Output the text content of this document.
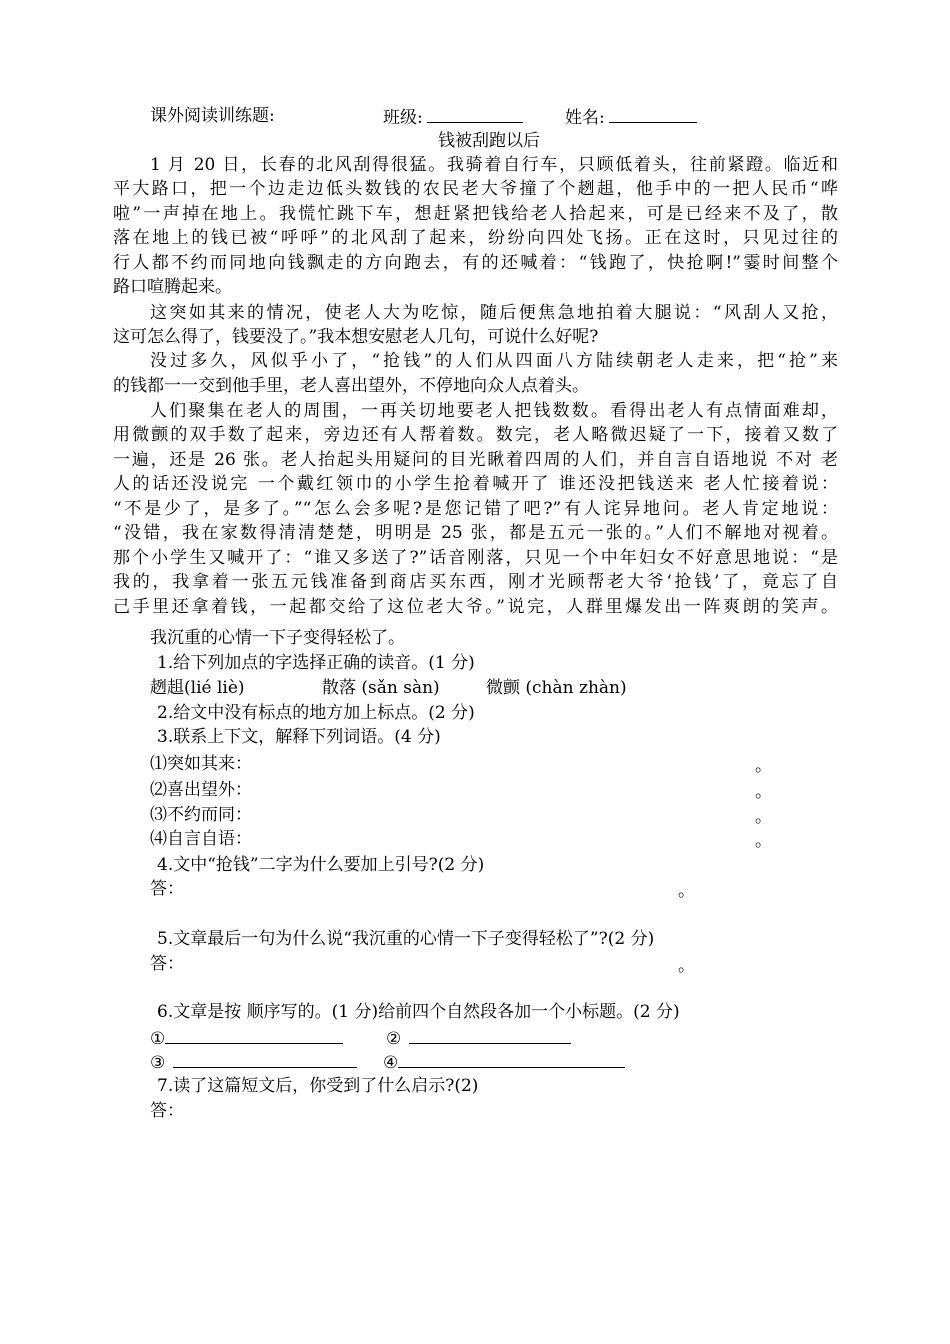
课外阅读训练题:	班级:	姓名:
钱被刮跑以后
1 月 20 日，长春的北风刮得很猛。我骑着自行车，只顾低着头，往前紧蹬。临近和
平大路口，把一个边走边低头数钱的农民老大爷撞了个趔趄，他手中的一把人民币“哗
啦”一声掉在地上。我慌忙跳下车，想赶紧把钱给老人拾起来，可是已经来不及了，散
落在地上的钱已被“呼呼”的北风刮了起来，纷纷向四处飞扬。正在这时，只见过往的
行人都不约而同地向钱飘走的方向跑去，有的还喊着：“钱跑了，快抢啊!”霎时间整个
路口喧腾起来。
这突如其来的情况，使老人大为吃惊，随后便焦急地拍着大腿说：“风刮人又抢，
这可怎么得了，钱要没了。”我本想安慰老人几句，可说什么好呢?
没过多久，风似乎小了，“抢钱”的人们从四面八方陆续朝老人走来，把“抢”来
的钱都一一交到他手里，老人喜出望外，不停地向众人点着头。
人们聚集在老人的周围，一再关切地要老人把钱数数。看得出老人有点情面难却，
用微颤的双手数了起来，旁边还有人帮着数。数完，老人略微迟疑了一下，接着又数了
一遍，还是 26 张。老人抬起头用疑问的目光瞅着四周的人们，并自言自语地说 不对 老
人的话还没说完 一个戴红领巾的小学生抢着喊开了 谁还没把钱送来 老人忙接着说：
“不是少了，是多了。”“怎么会多呢?是您记错了吧?”有人诧异地问。老人肯定地说：
“没错，我在家数得清清楚楚，明明是 25 张，都是五元一张的。”人们不解地对视着。
那个小学生又喊开了：“谁又多送了?”话音刚落，只见一个中年妇女不好意思地说：“是
我的，我拿着一张五元钱准备到商店买东西，刚才光顾帮老大爷‘抢钱’了，竟忘了自
己手里还拿着钱，一起都交给了这位老大爷。”说完，人群里爆发出一阵爽朗的笑声。
我沉重的心情一下子变得轻松了。
1.给下列加点的字选择正确的读音。(1 分)
趔趄(lié liè)	散落 (sǎn sàn)	微颤 (chàn zhàn)
2.给文中没有标点的地方加上标点。(2 分)
3.联系上下文，解释下列词语。(4 分)
⑴突如其来：	。
⑵喜出望外：	。
⑶不约而同：	。
⑷自言自语：	。
4.文中“抢钱”二字为什么要加上引号?(2 分)
答：	。
5.文章最后一句为什么说“我沉重的心情一下子变得轻松了”?(2 分)
答：	。
6.文章是按 顺序写的。(1 分)给前四个自然段各加一个小标题。(2 分)
①	②
③	④
7.读了这篇短文后，你受到了什么启示?(2)
答：
